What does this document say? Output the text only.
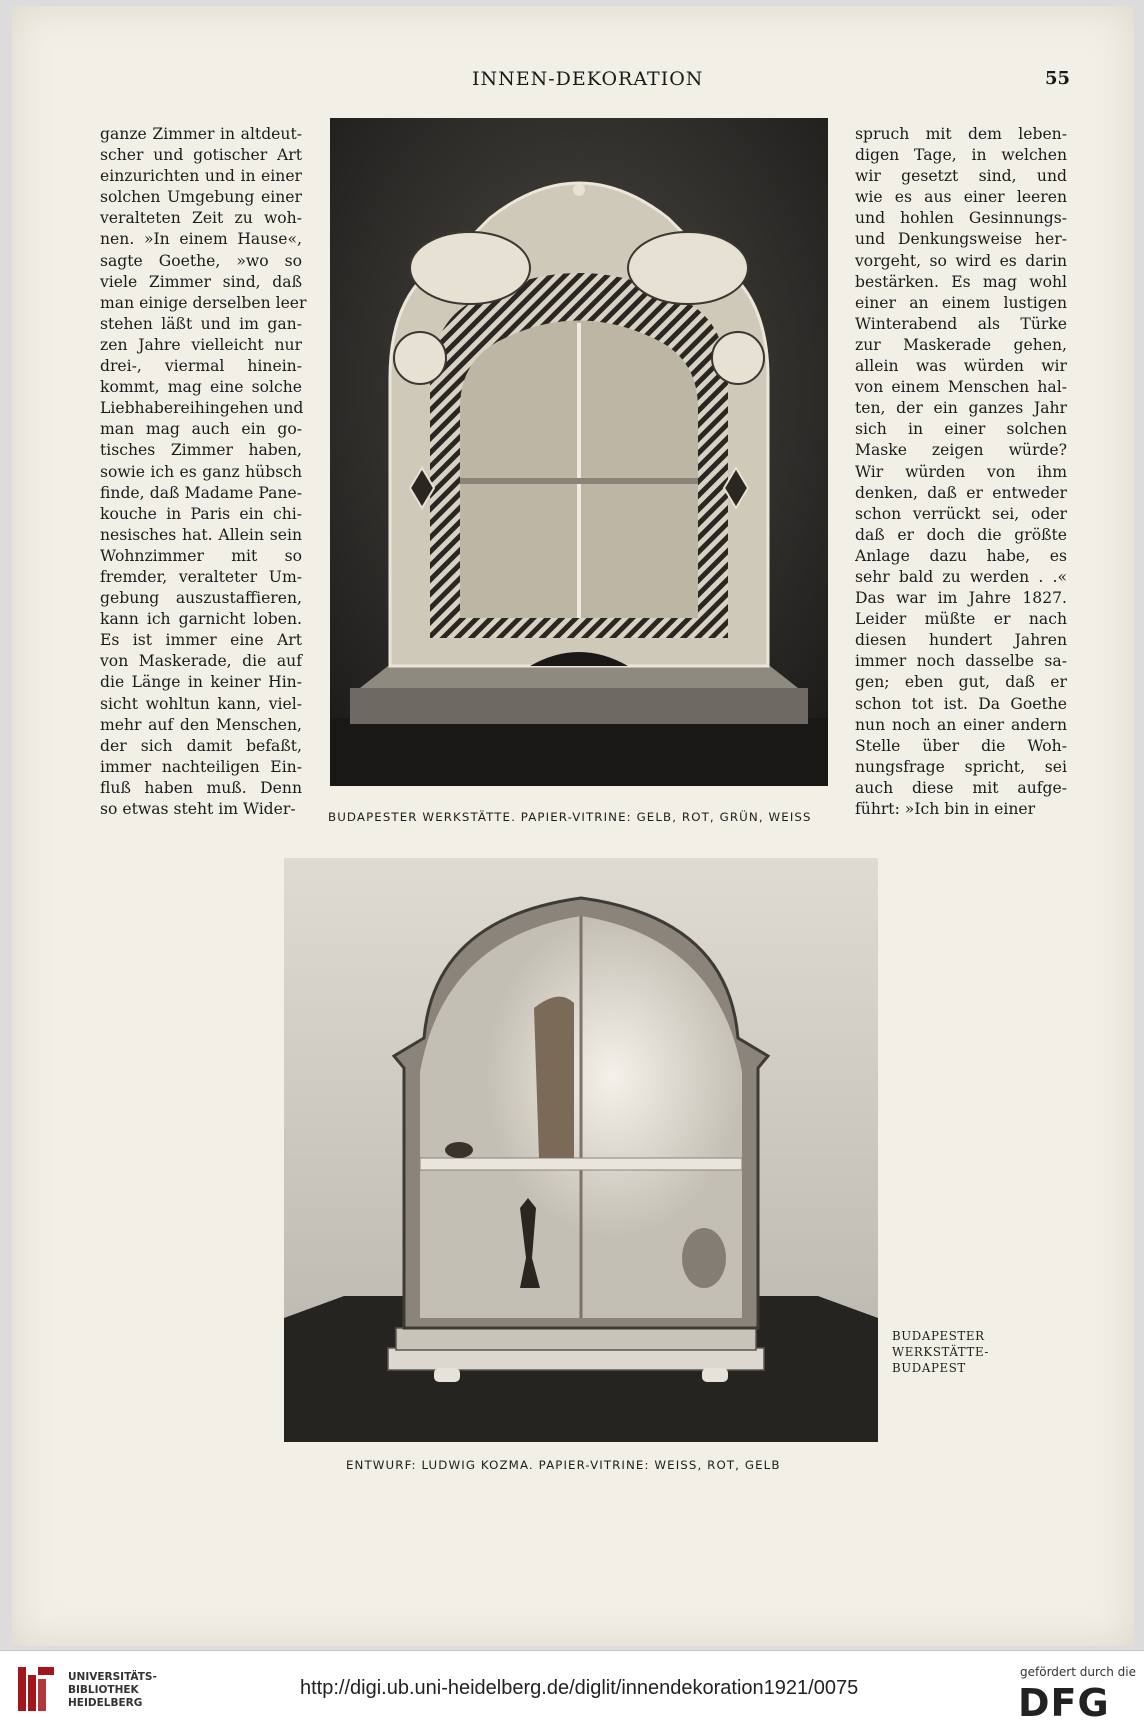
INNEN-DEKORATION	55
ganze Zimmer in altdeut-
scher und gotischer Art
einzurichten und in einer
solchen Umgebung einer
veralteten Zeit zu woh-
nen. »In einem Hause«,
sagte Goethe, »wo so
viele Zimmer sind, daß
man einige derselben leer
stehen läßt und im gan-
zen Jahre vielleicht nur
drei-, viermal hinein-
kommt, mag eine solche
Liebhabereihingehen und
man mag auch ein go-
tisches Zimmer haben,
sowie ich es ganz hübsch
finde, daß Madame Pane-
kouche in Paris ein chi-
nesisches hat. Allein sein
Wohnzimmer mit so
fremder, veralteter Um-
gebung auszustaffieren,
kann ich garnicht loben.
Es ist immer eine Art
von Maskerade, die auf
die Länge in keiner Hin-
sicht wohltun kann, viel-
mehr auf den Menschen,
der sich damit befaßt,
immer nachteiligen Ein-
fluß haben muß. Denn
so etwas steht im Wider-
spruch mit dem leben-
digen Tage, in welchen
wir gesetzt sind, und
wie es aus einer leeren
und hohlen Gesinnungs-
und Denkungsweise her-
vorgeht, so wird es darin
bestärken. Es mag wohl
einer an einem lustigen
Winterabend als Türke
zur Maskerade gehen,
allein was würden wir
von einem Menschen hal-
ten, der ein ganzes Jahr
sich in einer solchen
Maske zeigen würde?
Wir würden von ihm
denken, daß er entweder
schon verrückt sei, oder
daß er doch die größte
Anlage dazu habe, es
sehr bald zu werden . .«
Das war im Jahre 1827.
Leider müßte er nach
diesen hundert Jahren
immer noch dasselbe sa-
gen; eben gut, daß er
schon tot ist. Da Goethe
nun noch an einer andern
Stelle über die Woh-
nungsfrage spricht, sei
auch diese mit aufge-
führt: »Ich bin in einer
BUDAPESTER WERKSTÄTTE. PAPIER-VITRINE: GELB, ROT, GRÜN, WEISS
ENTWURF: LUDWIG KOZMA. PAPIER-VITRINE: WEISS, ROT, GELB
BUDAPESTER
WERKSTÄTTE-
BUDAPEST
UNIVERSITÄTS-
BIBLIOTHEK
HEIDELBERG
http://digi.ub.uni-heidelberg.de/diglit/innendekoration1921/0075
gefördert durch die
DFG
